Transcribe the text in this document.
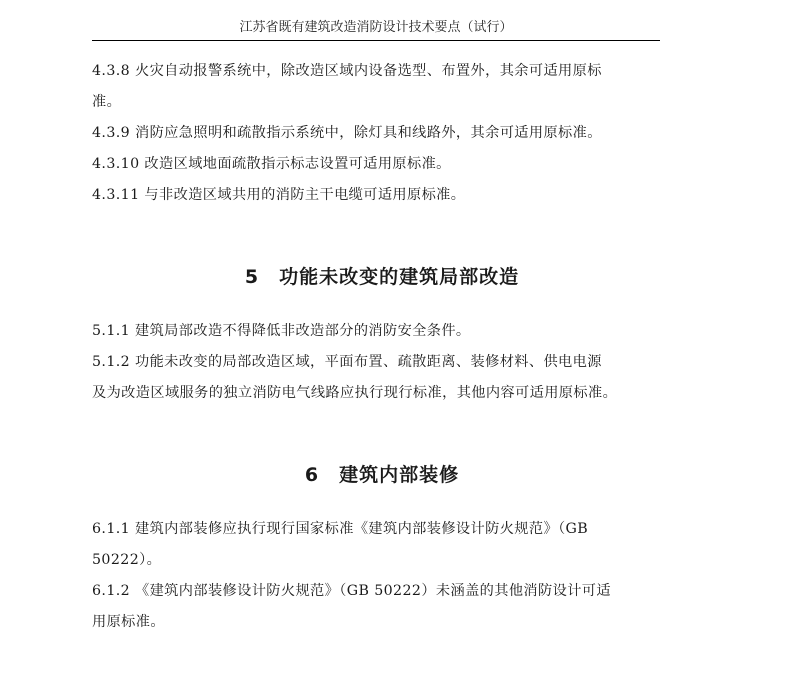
江苏省既有建筑改造消防设计技术要点（试行）
4.3.8 火灾自动报警系统中，除改造区域内设备选型、布置外，其余可适用原标
准。
4.3.9 消防应急照明和疏散指示系统中，除灯具和线路外，其余可适用原标准。
4.3.10 改造区域地面疏散指示标志设置可适用原标准。
4.3.11 与非改造区域共用的消防主干电缆可适用原标准。
5 功能未改变的建筑局部改造
5.1.1 建筑局部改造不得降低非改造部分的消防安全条件。
5.1.2 功能未改变的局部改造区域，平面布置、疏散距离、装修材料、供电电源
及为改造区域服务的独立消防电气线路应执行现行标准，其他内容可适用原标准。
6 建筑内部装修
6.1.1 建筑内部装修应执行现行国家标准《建筑内部装修设计防火规范》（GB
50222）。
6.1.2 《建筑内部装修设计防火规范》（GB 50222）未涵盖的其他消防设计可适
用原标准。
